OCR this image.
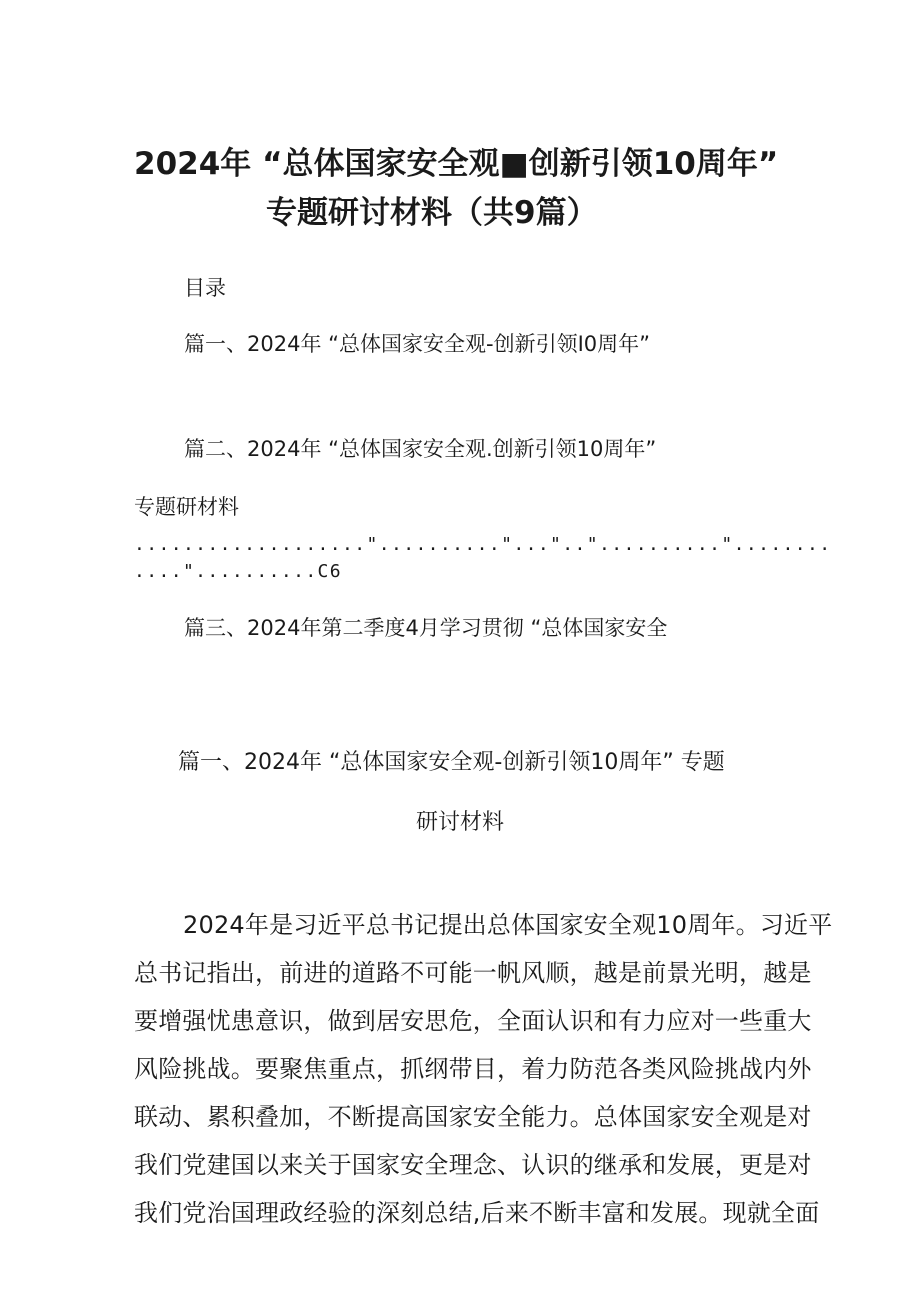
2024年 “总体国家安全观■创新引领10周年”
专题研讨材料（共9篇）
目录
篇一、2024年 “总体国家安全观-创新引领I0周年”
篇二、2024年 “总体国家安全观.创新引领10周年”
专题研材料
...................".........."..."..".........."........
...."..........C6
篇三、2024年第二季度4月学习贯彻 “总体国家安全
篇一、2024年 “总体国家安全观-创新引领10周年” 专题
研讨材料
2024年是习近平总书记提出总体国家安全观10周年。习近平
总书记指出，前进的道路不可能一帆风顺，越是前景光明，越是
要增强忧患意识，做到居安思危，全面认识和有力应对一些重大
风险挑战。要聚焦重点，抓纲带目，着力防范各类风险挑战内外
联动、累积叠加，不断提高国家安全能力。总体国家安全观是对
我们党建国以来关于国家安全理念、认识的继承和发展，更是对
我们党治国理政经验的深刻总结,后来不断丰富和发展。现就全面
